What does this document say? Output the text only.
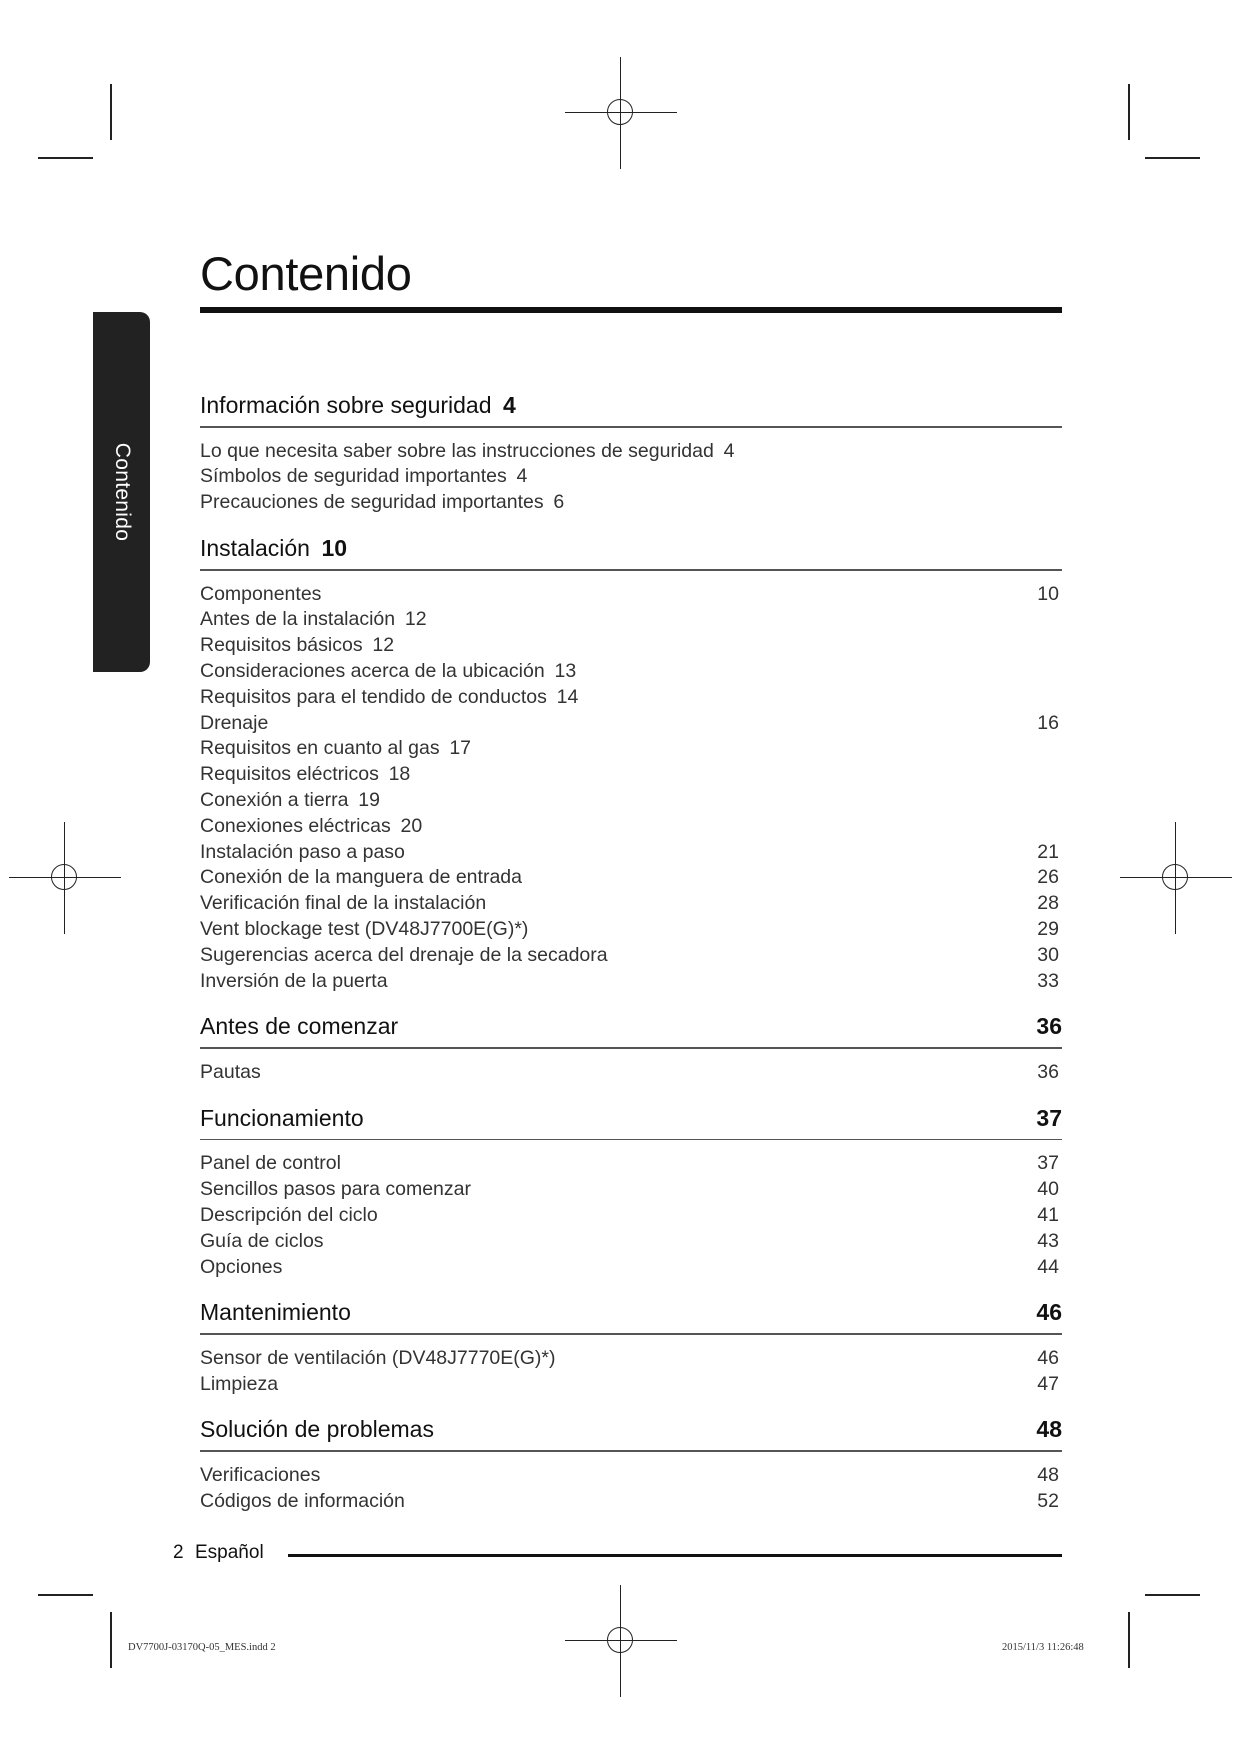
Contenido
Contenido
Información sobre seguridad  4
Lo que necesita saber sobre las instrucciones de seguridad  4
Símbolos de seguridad importantes  4
Precauciones de seguridad importantes  6
Instalación  10
Componentes	10
Antes de la instalación  12
Requisitos básicos  12
Consideraciones acerca de la ubicación  13
Requisitos para el tendido de conductos  14
Drenaje	16
Requisitos en cuanto al gas  17
Requisitos eléctricos  18
Conexión a tierra  19
Conexiones eléctricas  20
Instalación paso a paso	21
Conexión de la manguera de entrada	26
Verificación final de la instalación	28
Vent blockage test (DV48J7700E(G)*)	29
Sugerencias acerca del drenaje de la secadora	30
Inversión de la puerta	33
Antes de comenzar	36
Pautas	36
Funcionamiento	37
Panel de control	37
Sencillos pasos para comenzar	40
Descripción del ciclo	41
Guía de ciclos	43
Opciones	44
Mantenimiento	46
Sensor de ventilación (DV48J7770E(G)*)	46
Limpieza	47
Solución de problemas	48
Verificaciones	48
Códigos de información	52
2 Español
DV7700J-03170Q-05_MES.indd 2	2015/11/3 11:26:48
